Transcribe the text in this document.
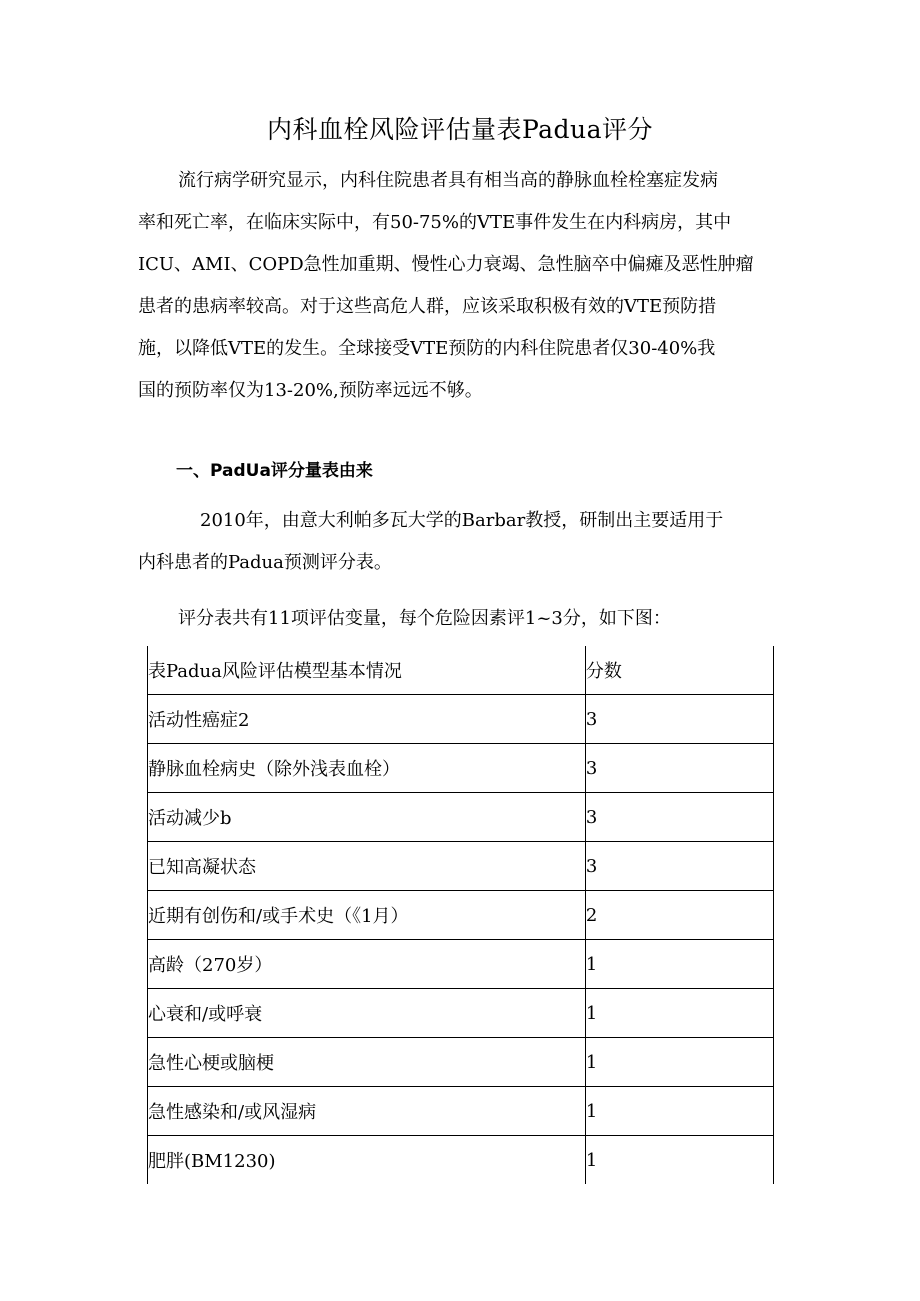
内科血栓风险评估量表Padua评分
流行病学研究显示，内科住院患者具有相当高的静脉血栓栓塞症发病
率和死亡率，在临床实际中，有50-75%的VTE事件发生在内科病房，其中
ICU、AMI、COPD急性加重期、慢性心力衰竭、急性脑卒中偏瘫及恶性肿瘤
患者的患病率较高。对于这些高危人群，应该采取积极有效的VTE预防措
施，以降低VTE的发生。全球接受VTE预防的内科住院患者仅30-40%我
国的预防率仅为13-20%,预防率远远不够。
一、PadUa评分量表由来
2010年，由意大利帕多瓦大学的Barbar教授，研制出主要适用于
内科患者的Padua预测评分表。
评分表共有11项评估变量，每个危险因素评1~3分，如下图：
表Padua风险评估模型基本情况	分数
活动性癌症2	3
静脉血栓病史（除外浅表血栓）	3
活动减少b	3
已知高凝状态	3
近期有创伤和/或手术史（《1月）	2
高龄（270岁）	1
心衰和/或呼衰	1
急性心梗或脑梗	1
急性感染和/或风湿病	1
肥胖(BM1230)	1
